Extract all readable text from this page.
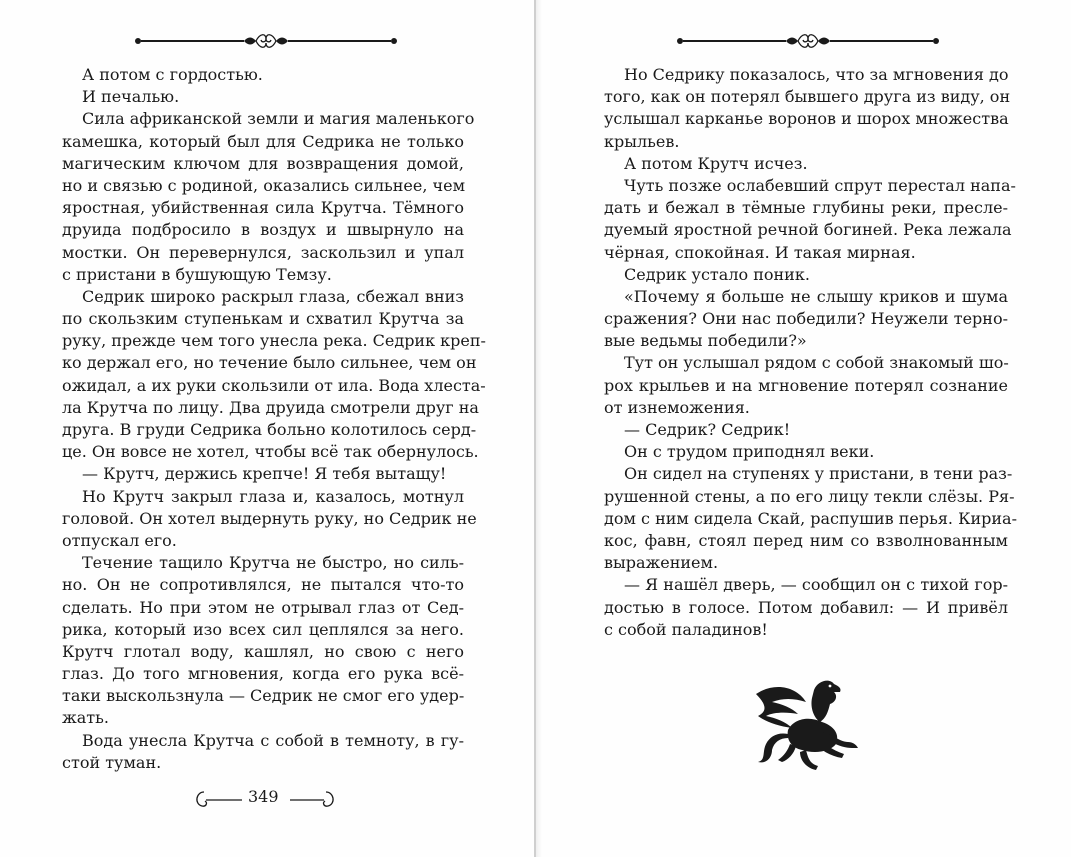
А потом с гордостью.
И печалью.
Сила африканской земли и магия маленького
камешка, который был для Седрика не только
магическим ключом для возвращения домой,
но и связью с родиной, оказались сильнее, чем
яростная, убийственная сила Крутча. Тёмного
друида подбросило в воздух и швырнуло на
мостки. Он перевернулся, заскользил и упал
с пристани в бушующую Темзу.
Седрик широко раскрыл глаза, сбежал вниз
по скользким ступенькам и схватил Крутча за
руку, прежде чем того унесла река. Седрик креп-
ко держал его, но течение было сильнее, чем он
ожидал, а их руки скользили от ила. Вода хлеста-
ла Крутча по лицу. Два друида смотрели друг на
друга. В груди Седрика больно колотилось серд-
це. Он вовсе не хотел, чтобы всё так обернулось.
— Крутч, держись крепче! Я тебя вытащу!
Но Крутч закрыл глаза и, казалось, мотнул
головой. Он хотел выдернуть руку, но Седрик не
отпускал его.
Течение тащило Крутча не быстро, но силь-
но. Он не сопротивлялся, не пытался что-то
сделать. Но при этом не отрывал глаз от Сед-
рика, который изо всех сил цеплялся за него.
Крутч глотал воду, кашлял, но свою с него
глаз. До того мгновения, когда его рука всё-
таки выскользнула — Седрик не смог его удер-
жать.
Вода унесла Крутча с собой в темноту, в гу-
стой туман.
Но Седрику показалось, что за мгновения до
того, как он потерял бывшего друга из виду, он
услышал карканье воронов и шорох множества
крыльев.
А потом Крутч исчез.
Чуть позже ослабевший спрут перестал напа-
дать и бежал в тёмные глубины реки, пресле-
дуемый яростной речной богиней. Река лежала
чёрная, спокойная. И такая мирная.
Седрик устало поник.
«Почему я больше не слышу криков и шума
сражения? Они нас победили? Неужели терно-
вые ведьмы победили?»
Тут он услышал рядом с собой знакомый шо-
рох крыльев и на мгновение потерял сознание
от изнеможения.
— Седрик? Седрик!
Он с трудом приподнял веки.
Он сидел на ступенях у пристани, в тени раз-
рушенной стены, а по его лицу текли слёзы. Ря-
дом с ним сидела Скай, распушив перья. Кириа-
кос, фавн, стоял перед ним со взволнованным
выражением.
— Я нашёл дверь, — сообщил он с тихой гор-
достью в голосе. Потом добавил: — И привёл
с собой паладинов!
349
